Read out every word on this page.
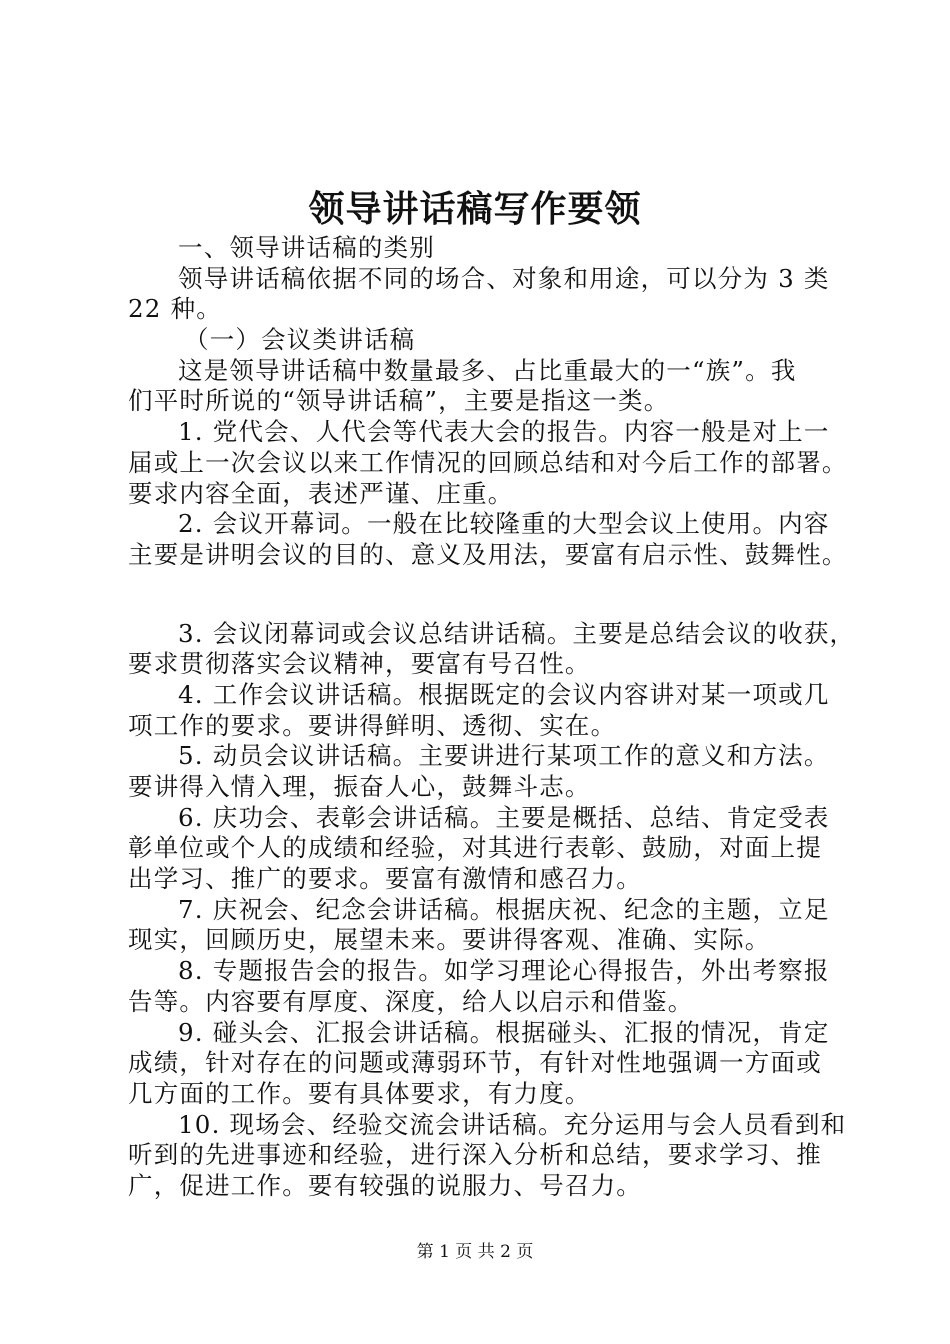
领导讲话稿写作要领
一、领导讲话稿的类别
领导讲话稿依据不同的场合、对象和用途，可以分为 3 类
22 种。
（一）会议类讲话稿
这是领导讲话稿中数量最多、占比重最大的一“族”。我
们平时所说的“领导讲话稿”，主要是指这一类。
1. 党代会、人代会等代表大会的报告。内容一般是对上一
届或上一次会议以来工作情况的回顾总结和对今后工作的部署。
要求内容全面，表述严谨、庄重。
2. 会议开幕词。一般在比较隆重的大型会议上使用。内容
主要是讲明会议的目的、意义及用法，要富有启示性、鼓舞性。
3. 会议闭幕词或会议总结讲话稿。主要是总结会议的收获，
要求贯彻落实会议精神，要富有号召性。
4. 工作会议讲话稿。根据既定的会议内容讲对某一项或几
项工作的要求。要讲得鲜明、透彻、实在。
5. 动员会议讲话稿。主要讲进行某项工作的意义和方法。
要讲得入情入理，振奋人心，鼓舞斗志。
6. 庆功会、表彰会讲话稿。主要是概括、总结、肯定受表
彰单位或个人的成绩和经验，对其进行表彰、鼓励，对面上提
出学习、推广的要求。要富有激情和感召力。
7. 庆祝会、纪念会讲话稿。根据庆祝、纪念的主题，立足
现实，回顾历史，展望未来。要讲得客观、准确、实际。
8. 专题报告会的报告。如学习理论心得报告，外出考察报
告等。内容要有厚度、深度，给人以启示和借鉴。
9. 碰头会、汇报会讲话稿。根据碰头、汇报的情况，肯定
成绩，针对存在的问题或薄弱环节，有针对性地强调一方面或
几方面的工作。要有具体要求，有力度。
10. 现场会、经验交流会讲话稿。充分运用与会人员看到和
听到的先进事迹和经验，进行深入分析和总结，要求学习、推
广，促进工作。要有较强的说服力、号召力。
第 1 页 共 2 页
